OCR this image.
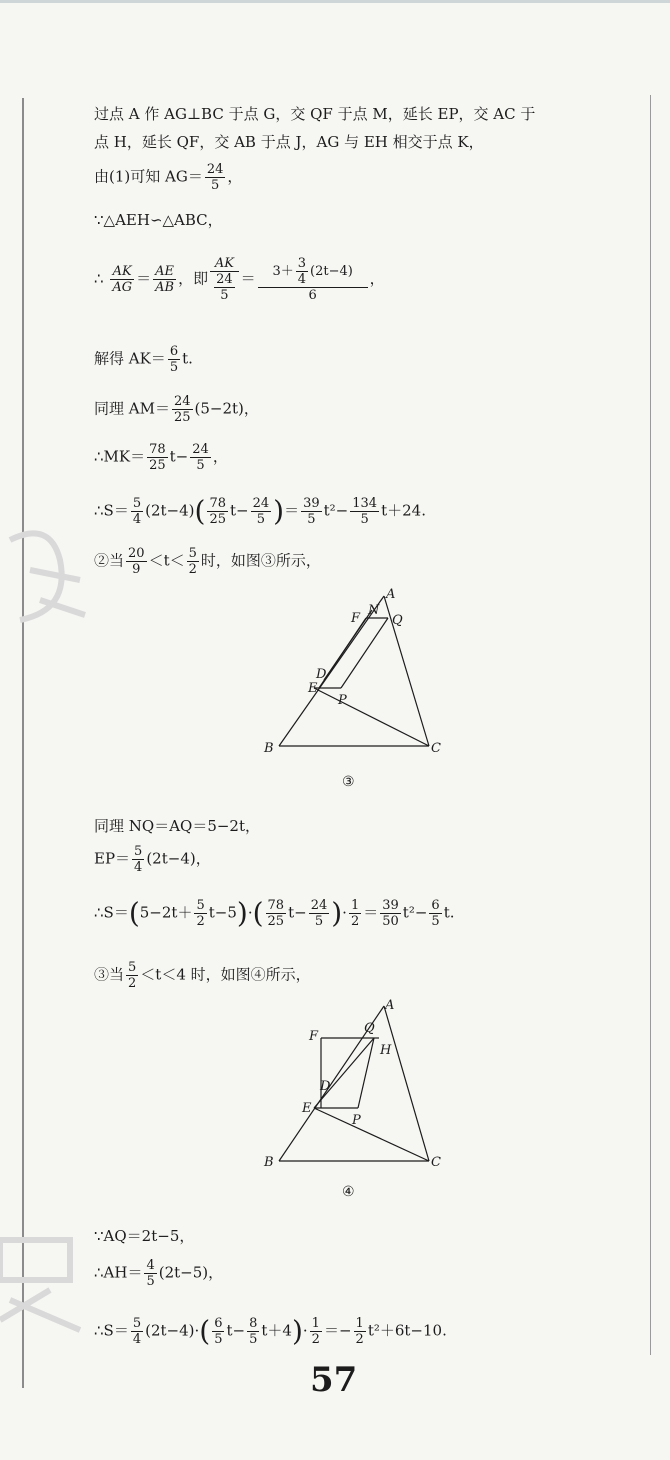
过点 A 作 AG⊥BC 于点 G，交 QF 于点 M，延长 EP，交 AC 于
点 H，延长 QF，交 AB 于点 J，AG 与 EH 相交于点 K，
由(1)可知 $AG= \frac{24}{5}$ ，
∵△AEH∽△ABC，
∴ $\frac{AK}{AG} = \frac{AE}{AB}$ ，即 $\frac{AK}{\frac{24}{5}} = \frac{3+ \frac{3}{4} (2t-4)}{6}$ ，
解得 $AK= \frac{6}{5} t$.
同理 $AM= \frac{24}{25} (5-2t)$，
∴MK＝ $\frac{78}{25} t- \frac{24}{5}$ ，
∴S＝ $\frac{5}{4} (2t-4)( \frac{78}{25} t- \frac{24}{5}$ )＝ $\frac{39}{5} t^2- \frac{134}{5} t+24$.
②当 $\frac{20}{9} <t< \frac{5}{2}$ 时，如图③所示，
A
N
F Q
D
E
P
B	C
③
同理 NQ＝AQ＝5−2t，
$EP= \frac{5}{4} (2t-4)$，
∴S＝(5−2t＋ $\frac{5}{2} t-5)\cdot( \frac{78}{25} t- \frac{24}{5}$ )· $\frac{1}{2} = \frac{39}{50} t^2- \frac{6}{5} t$.
③当 $\frac{5}{2} <t<4$ 时，如图④所示，
A
F
Q
H
D
E
P
B	C
④
∵AQ＝2t−5，
∴AH＝ $\frac{4}{5} (2t-5)$，
∴S＝ $\frac{5}{4} (2t-4)\cdot( \frac{6}{5} t- \frac{8}{5} t+4)\cdot \frac{1}{2} =- \frac{1}{2} t^2+6t-10$.
57
